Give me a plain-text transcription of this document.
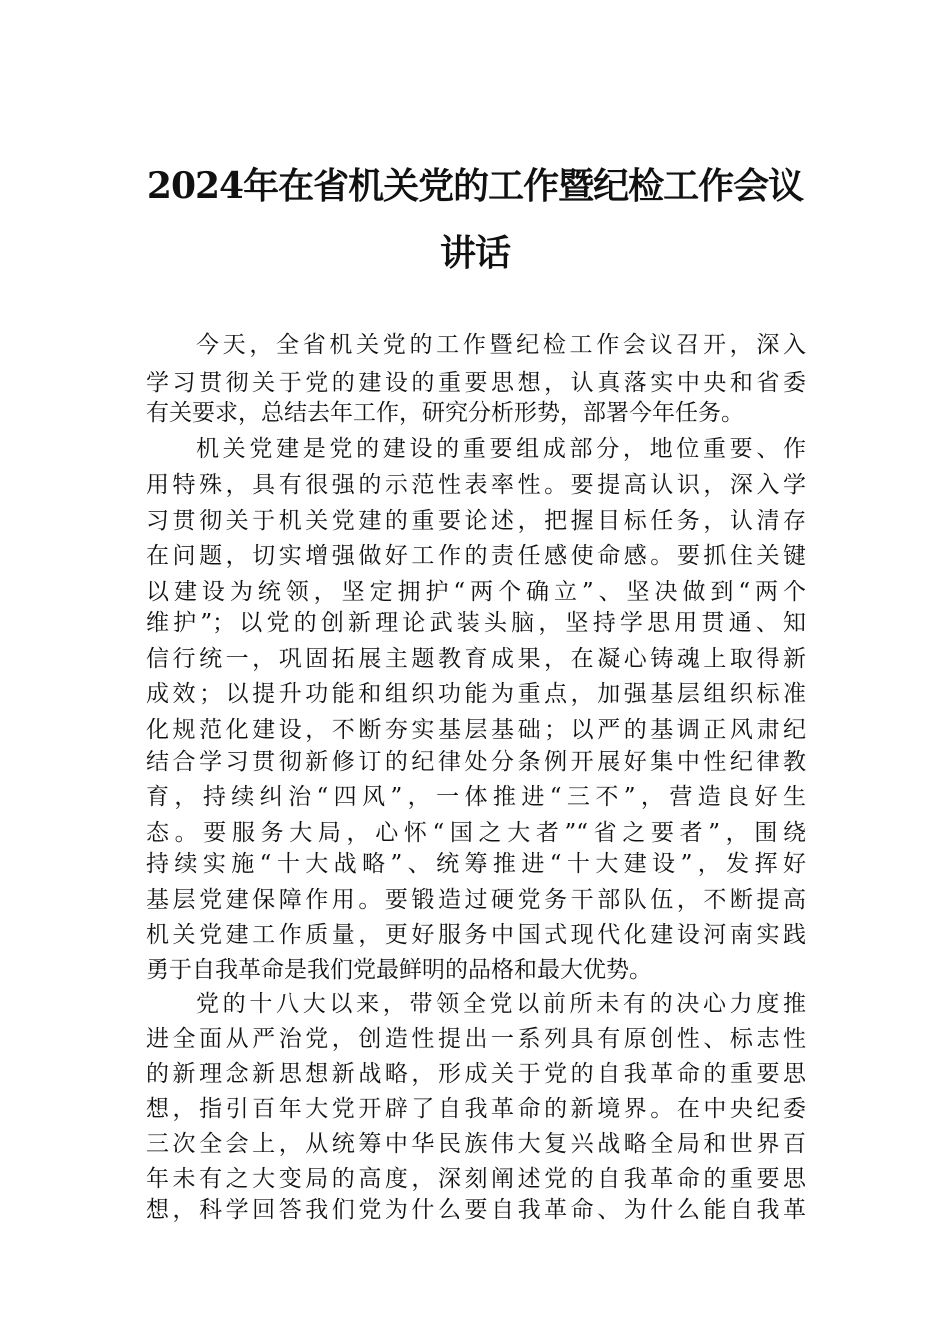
2024年在省机关党的工作暨纪检工作会议
讲话
今天，全省机关党的工作暨纪检工作会议召开，深入
学习贯彻关于党的建设的重要思想，认真落实中央和省委
有关要求，总结去年工作，研究分析形势，部署今年任务。
机关党建是党的建设的重要组成部分，地位重要、作
用特殊，具有很强的示范性表率性。要提高认识，深入学
习贯彻关于机关党建的重要论述，把握目标任务，认清存
在问题，切实增强做好工作的责任感使命感。要抓住关键
以建设为统领，坚定拥护“两个确立”、坚决做到“两个
维护”；以党的创新理论武装头脑，坚持学思用贯通、知
信行统一，巩固拓展主题教育成果，在凝心铸魂上取得新
成效；以提升功能和组织功能为重点，加强基层组织标准
化规范化建设，不断夯实基层基础；以严的基调正风肃纪
结合学习贯彻新修订的纪律处分条例开展好集中性纪律教
育，持续纠治“四风”，一体推进“三不”，营造良好生
态。要服务大局，心怀“国之大者”“省之要者”，围绕
持续实施“十大战略”、统筹推进“十大建设”，发挥好
基层党建保障作用。要锻造过硬党务干部队伍，不断提高
机关党建工作质量，更好服务中国式现代化建设河南实践
勇于自我革命是我们党最鲜明的品格和最大优势。
党的十八大以来，带领全党以前所未有的决心力度推
进全面从严治党，创造性提出一系列具有原创性、标志性
的新理念新思想新战略，形成关于党的自我革命的重要思
想，指引百年大党开辟了自我革命的新境界。在中央纪委
三次全会上，从统筹中华民族伟大复兴战略全局和世界百
年未有之大变局的高度，深刻阐述党的自我革命的重要思
想，科学回答我们党为什么要自我革命、为什么能自我革
